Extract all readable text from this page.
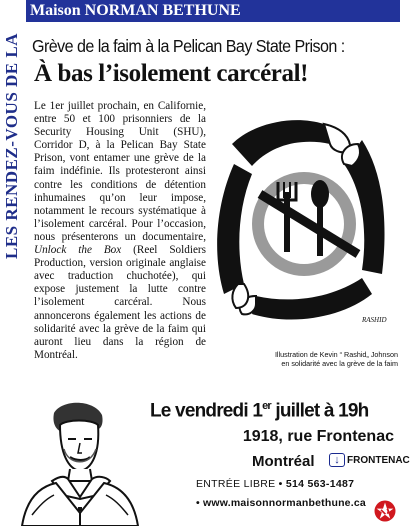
LES RENDEZ-VOUS DE LA
Maison NORMAN BETHUNE
Grève de la faim à la Pelican Bay State Prison :
À bas l’isolement carcéral!
Le 1er juillet prochain, en Californie, entre 50 et 100 prisonniers de la Security Housing Unit (SHU), Corridor D, à la Pelican Bay State Prison, vont entamer une grève de la faim indéfinie. Ils protesteront ainsi contre les conditions de détention inhumaines qu’on leur impose, notamment le recours systématique à l’isolement carcéral. Pour l’occasion, nous présenterons un documentaire, Unlock the Box (Reel Soldiers Production, version originale anglaise avec traduction chuchotée), qui expose justement la lutte contre l’isolement carcéral. Nous annoncerons également les actions de solidarité avec la grève de la faim qui auront lieu dans la région de Montréal.
RASHID
Illustration de Kevin “ Rashid„ Johnson
en solidarité avec la grève de la faim
Le vendredi 1er juillet à 19h
1918, rue Frontenac
Montréal	↓ FRONTENAC
ENTRÉE LIBRE • 514 563-1487
• www.maisonnormanbethune.ca
